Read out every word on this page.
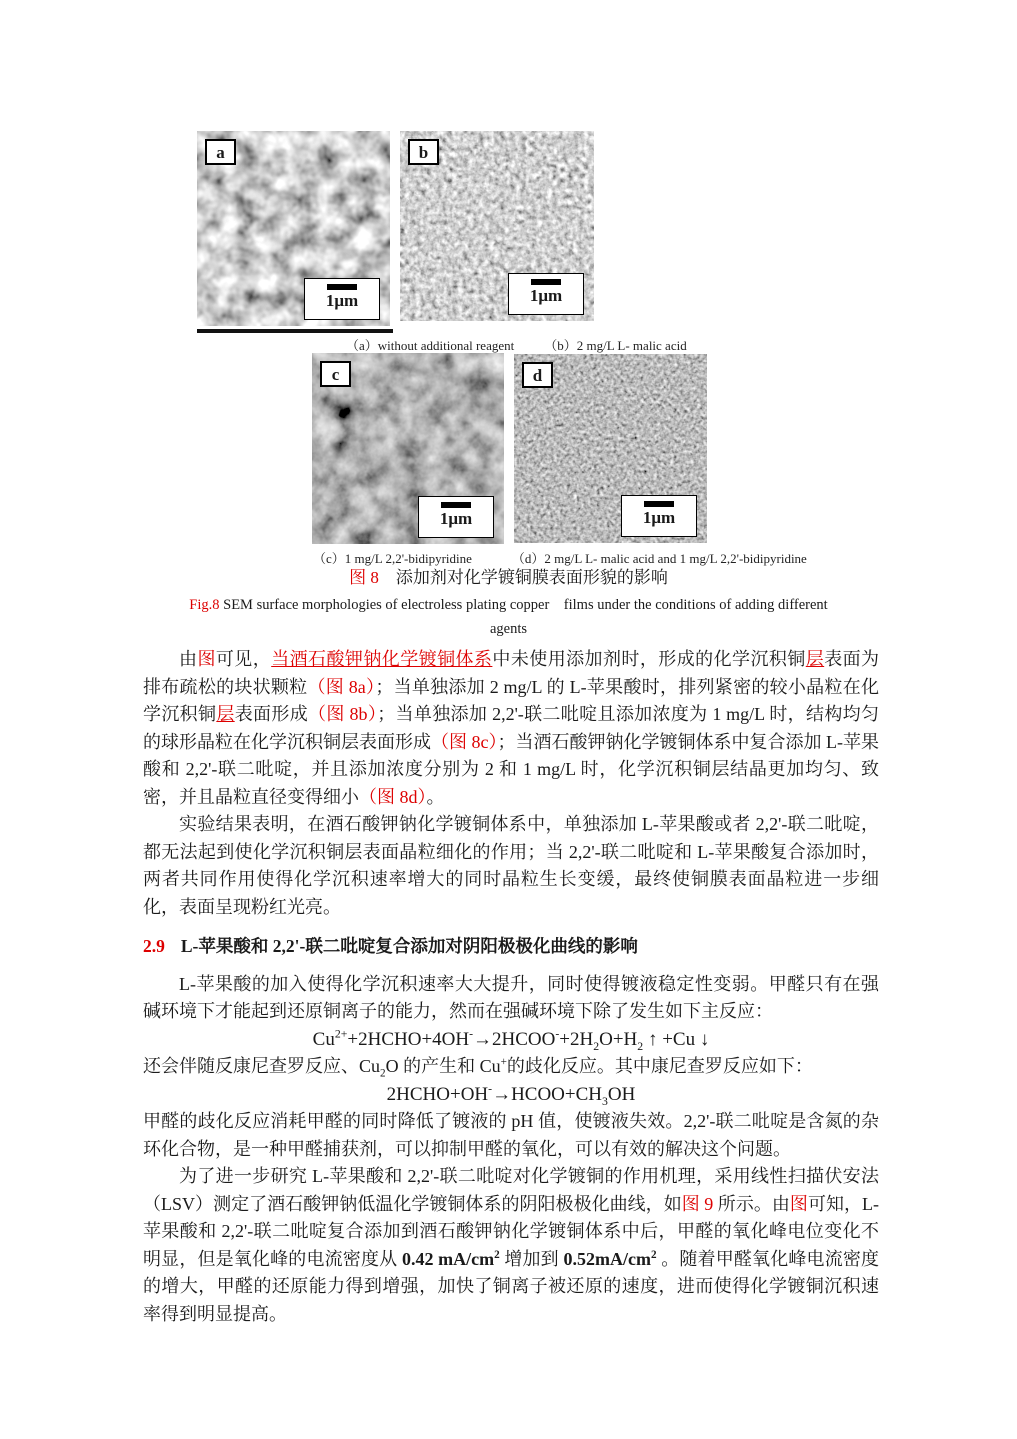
a
1μm
b
1μm
（a）without additional reagent （b）2 mg/L L- malic acid
c
1μm
d
1μm
（c）1 mg/L 2,2'-bidipyridine	（d）2 mg/L L- malic acid and 1 mg/L 2,2'-bidipyridine
图 8　添加剂对化学镀铜膜表面形貌的影响
Fig.8 SEM surface morphologies of electroless plating copper　films under the conditions of adding different
agents

由图可见，当酒石酸钾钠化学镀铜体系中未使用添加剂时，形成的化学沉积铜层表面为排布疏松的块状颗粒（图 8a）；当单独添加 2 mg/L 的 L-苹果酸时，排列紧密的较小晶粒在化学沉积铜层表面形成（图 8b）；当单独添加 2,2'-联二吡啶且添加浓度为 1 mg/L 时，结构均匀的球形晶粒在化学沉积铜层表面形成（图 8c）；当酒石酸钾钠化学镀铜体系中复合添加 L-苹果酸和 2,2'-联二吡啶，并且添加浓度分别为 2 和 1 mg/L 时，化学沉积铜层结晶更加均匀、致密，并且晶粒直径变得细小（图 8d）。

实验结果表明，在酒石酸钾钠化学镀铜体系中，单独添加 L-苹果酸或者 2,2'-联二吡啶，都无法起到使化学沉积铜层表面晶粒细化的作用；当 2,2'-联二吡啶和 L-苹果酸复合添加时，两者共同作用使得化学沉积速率增大的同时晶粒生长变缓，最终使铜膜表面晶粒进一步细化，表面呈现粉红光亮。

2.9 L-苹果酸和 2,2'-联二吡啶复合添加对阴阳极极化曲线的影响

L-苹果酸的加入使得化学沉积速率大大提升，同时使得镀液稳定性变弱。甲醛只有在强碱环境下才能起到还原铜离子的能力，然而在强碱环境下除了发生如下主反应：

$Cu^{2+}+2HCHO+4OH^-\to 2HCOO^-+2H_2O+H_2$ ↑ +Cu ↓

还会伴随反康尼查罗反应、$Cu_2O$ 的产生和 Cu+的歧化反应。其中康尼查罗反应如下：

$2HCHO+OH^-\to HCOO+CH_3OH$

甲醛的歧化反应消耗甲醛的同时降低了镀液的 pH 值，使镀液失效。2,2'-联二吡啶是含氮的杂环化合物，是一种甲醛捕获剂，可以抑制甲醛的氧化，可以有效的解决这个问题。

为了进一步研究 L-苹果酸和 2,2'-联二吡啶对化学镀铜的作用机理，采用线性扫描伏安法（LSV）测定了酒石酸钾钠低温化学镀铜体系的阴阳极极化曲线，如图 9 所示。由图可知，L-苹果酸和 2,2'-联二吡啶复合添加到酒石酸钾钠化学镀铜体系中后，甲醛的氧化峰电位变化不明显，但是氧化峰的电流密度从 0.42 $mA/cm^2$ 增加到 $0.52mA/cm^2$ 。随着甲醛氧化峰电流密度的增大，甲醛的还原能力得到增强，加快了铜离子被还原的速度，进而使得化学镀铜沉积速率得到明显提高。
